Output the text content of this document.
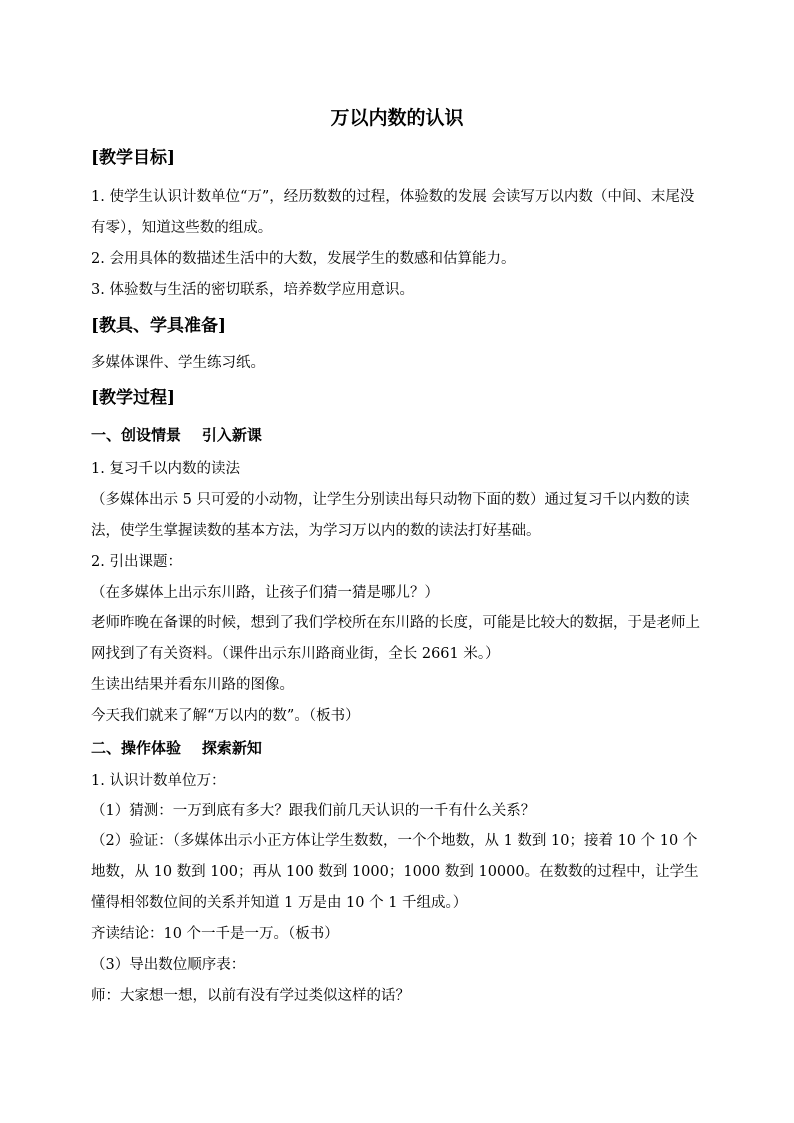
万以内数的认识
[教学目标]
1. 使学生认识计数单位“万”，经历数数的过程，体验数的发展 会读写万以内数（中间、末尾没有零），知道这些数的组成。
2. 会用具体的数描述生活中的大数，发展学生的数感和估算能力。
3. 体验数与生活的密切联系，培养数学应用意识。
[教具、学具准备]
多媒体课件、学生练习纸。
[教学过程]
一、创设情景    引入新课
1. 复习千以内数的读法
（多媒体出示 5 只可爱的小动物，让学生分别读出每只动物下面的数）通过复习千以内数的读法，使学生掌握读数的基本方法，为学习万以内的数的读法打好基础。
2. 引出课题：
（在多媒体上出示东川路，让孩子们猜一猜是哪儿？）
老师昨晚在备课的时候，想到了我们学校所在东川路的长度，可能是比较大的数据，于是老师上网找到了有关资料。（课件出示东川路商业街，全长 2661 米。）
生读出结果并看东川路的图像。
今天我们就来了解“万以内的数”。（板书）
二、操作体验    探索新知
1. 认识计数单位万：
（1）猜测：一万到底有多大？跟我们前几天认识的一千有什么关系？
（2）验证：（多媒体出示小正方体让学生数数，一个个地数，从 1 数到 10；接着 10 个 10 个地数，从 10 数到 100；再从 100 数到 1000；1000 数到 10000。在数数的过程中，让学生懂得相邻数位间的关系并知道 1 万是由 10 个 1 千组成。）
齐读结论：10 个一千是一万。（板书）
（3）导出数位顺序表：
师：大家想一想，以前有没有学过类似这样的话？
